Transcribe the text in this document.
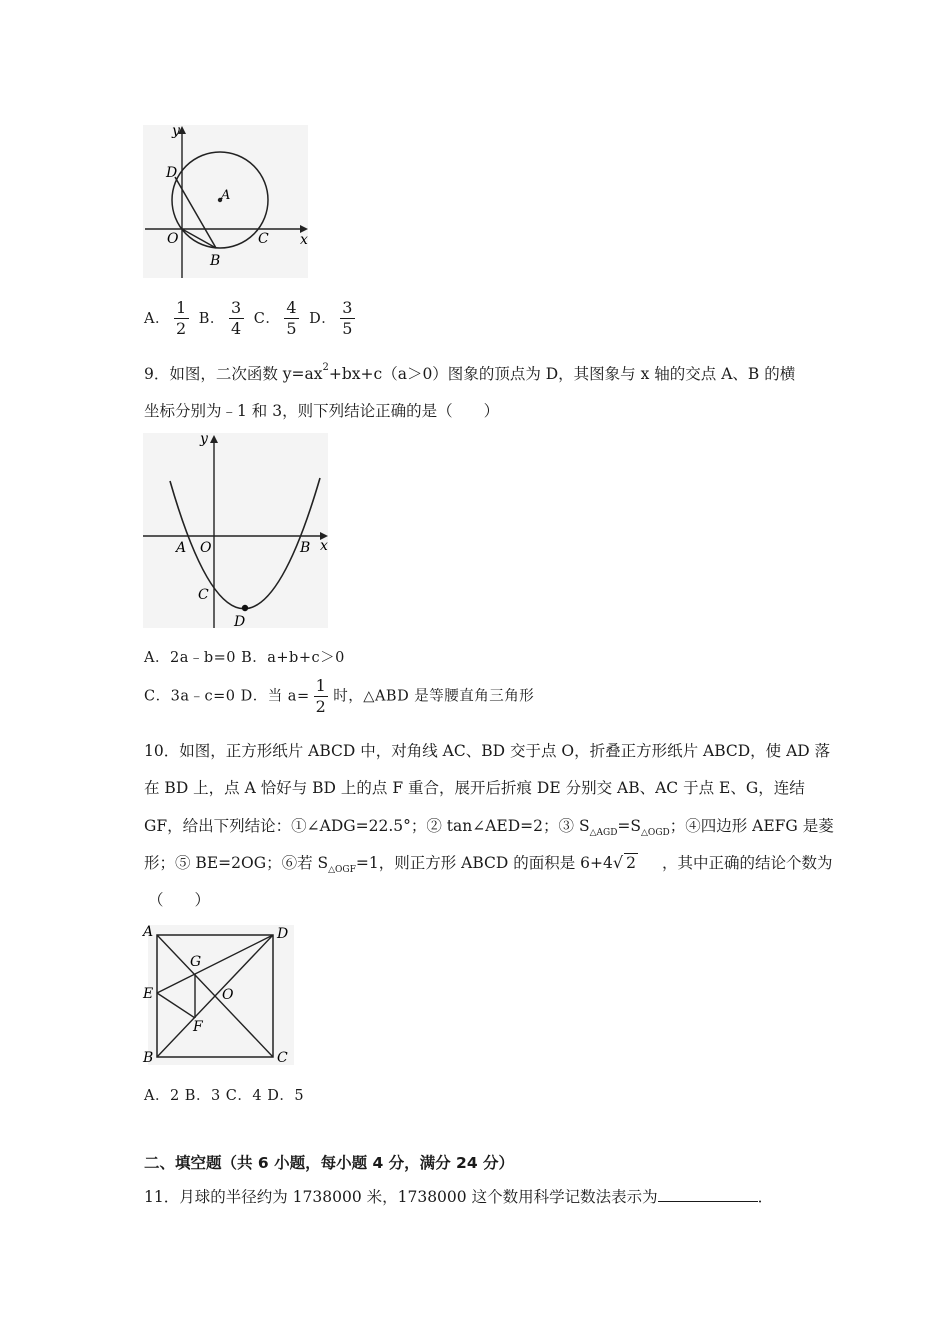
y
x
D
A
O	C
B
A． $\frac{1}{2}$ B． $\frac{3}{4}$ C． $\frac{4}{5}$ D． $\frac{3}{5}$
9．如图，二次函数 $y=ax^2+bx+c(a>0)$图象的顶点为 D，其图象与 x 轴的交点 A、B 的横
坐标分别为﹣1 和 3，则下列结论正确的是（　　）
y
x
A O	B
C
D
A．2a﹣b=0 B．a+b+c＞0
C．3a﹣c=0 D．当 $a= \frac{1}{2}$ 时，△ABD 是等腰直角三角形
10．如图，正方形纸片 ABCD 中，对角线 AC、BD 交于点 O，折叠正方形纸片 ABCD，使 AD 落
在 BD 上，点 A 恰好与 BD 上的点 F 重合，展开后折痕 DE 分别交 AB、AC 于点 E、G，连结
GF，给出下列结论：①∠ADG=22.5°；② tan∠AED=2；③ $S_{\triangle AGD}=S_{\triangle OGD}$；④四边形 AEFG 是菱
形；⑤ BE=2OG；⑥若 $S_{\triangle OGF}=1$，则正方形 ABCD 的面积是 6+4√ 2 ，其中正确的结论个数为
（　　）
A	D
G
E	O
F
B	C
A．2 B．3 C．4 D．5
二、填空题（共 6 小题，每小题 4 分，满分 24 分）
11．月球的半径约为 1738000 米，1738000 这个数用科学记数法表示为	．
